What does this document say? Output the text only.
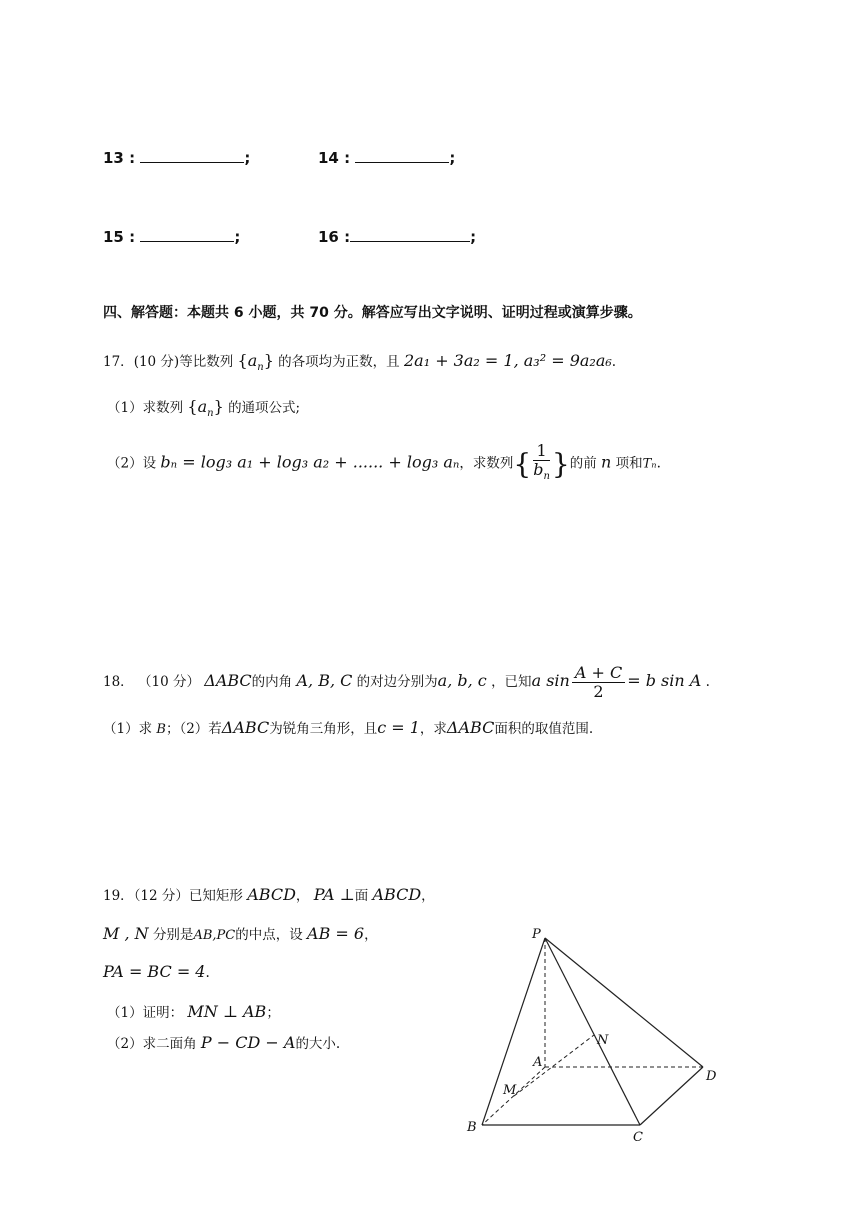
13 :	;	14 :	;
15 :	;	16 :	;
四、解答题：本题共 6 小题，共 70 分。解答应写出文字说明、证明过程或演算步骤。
17．(10 分)等比数列 $\{a_n\}$ 的各项均为正数，且 2a₁ + 3a₂ = 1, a₃² = 9a₂a₆.
（1）求数列 $\{a_n\}$ 的通项公式;
（2）设 bₙ = log₃ a₁ + log₃ a₂ + ...... + log₃ aₙ，求数列{ $\frac{1}{b_n}$ }的前 n 项和Tₙ.
18． （10 分） ΔABC的内角 A, B, C 的对边分别为a, b, c ，已知a $\sin \frac{A + C}{2} = b$ sin A .
（1）求 B；（2）若ΔABC为锐角三角形，且c = 1，求ΔABC面积的取值范围.
19．（12 分）已知矩形 ABCD， PA ⊥面 ABCD，
M , N 分别是AB,PC的中点，设 AB = 6，
PA = BC = 4.
（1）证明： MN ⊥ AB；
（2）求二面角 P − CD − A的大小.
P
A
B
C
D
M
N
